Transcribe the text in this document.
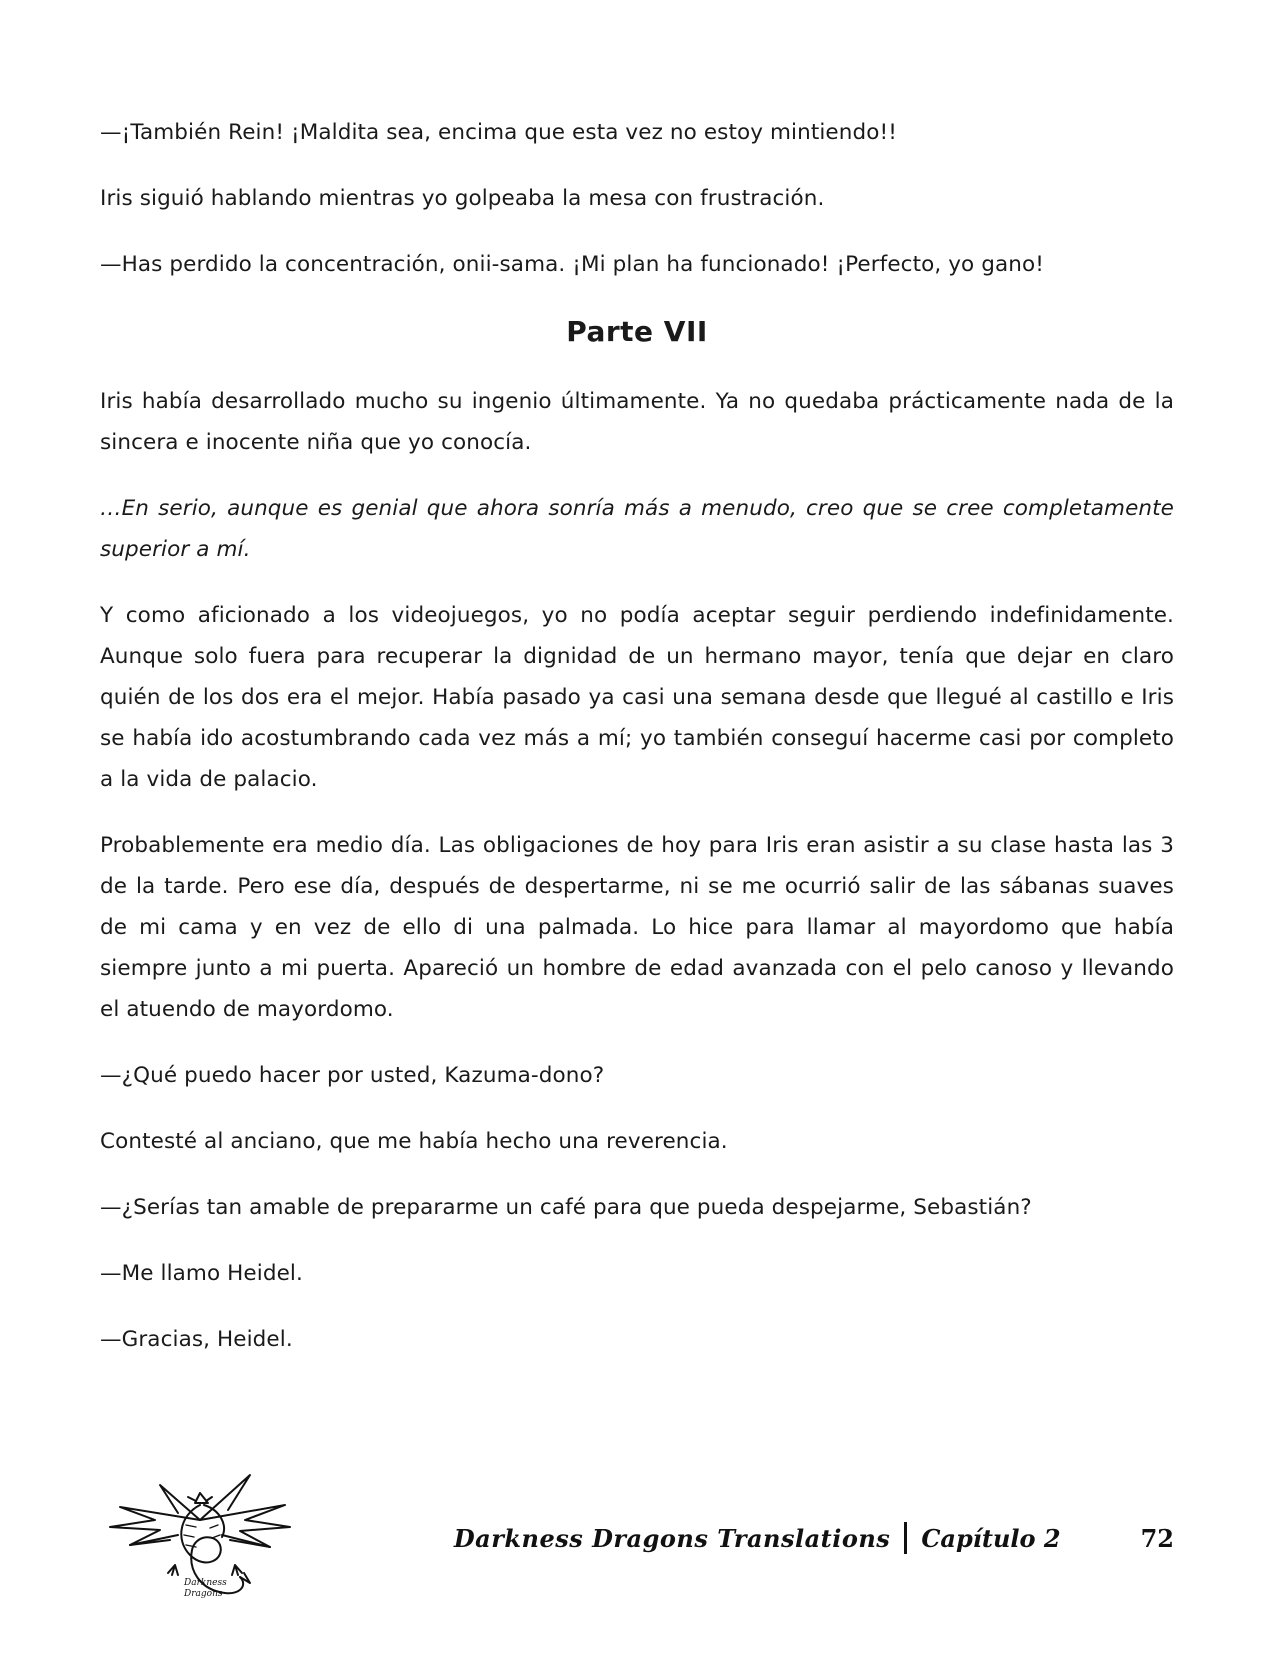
—¡También Rein! ¡Maldita sea, encima que esta vez no estoy mintiendo!!

Iris siguió hablando mientras yo golpeaba la mesa con frustración.

—Has perdido la concentración, onii-sama. ¡Mi plan ha funcionado! ¡Perfecto, yo gano!

Parte VII

Iris había desarrollado mucho su ingenio últimamente. Ya no quedaba prácticamente nada de la sincera e inocente niña que yo conocía.

…En serio, aunque es genial que ahora sonría más a menudo, creo que se cree completamente superior a mí.

Y como aficionado a los videojuegos, yo no podía aceptar seguir perdiendo indefinidamente. Aunque solo fuera para recuperar la dignidad de un hermano mayor, tenía que dejar en claro quién de los dos era el mejor. Había pasado ya casi una semana desde que llegué al castillo e Iris se había ido acostumbrando cada vez más a mí; yo también conseguí hacerme casi por completo a la vida de palacio.

Probablemente era medio día. Las obligaciones de hoy para Iris eran asistir a su clase hasta las 3 de la tarde. Pero ese día, después de despertarme, ni se me ocurrió salir de las sábanas suaves de mi cama y en vez de ello di una palmada. Lo hice para llamar al mayordomo que había siempre junto a mi puerta. Apareció un hombre de edad avanzada con el pelo canoso y llevando el atuendo de mayordomo.

—¿Qué puedo hacer por usted, Kazuma-dono?

Contesté al anciano, que me había hecho una reverencia.

—¿Serías tan amable de prepararme un café para que pueda despejarme, Sebastián?

—Me llamo Heidel.

—Gracias, Heidel.

Darkness
Dragons
Darkness Dragons Translations Capítulo 2	72
